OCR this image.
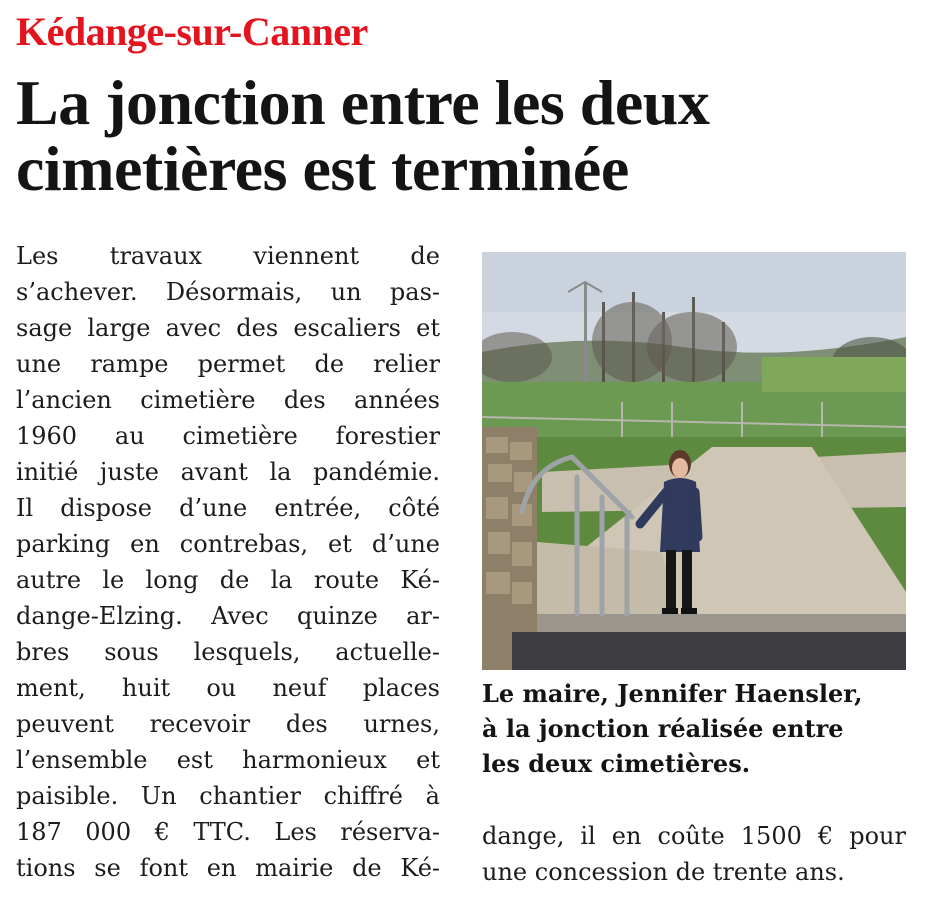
Kédange-sur-Canner
La jonction entre les deux
cimetières est terminée
Les travaux viennent de
s’achever. Désormais, un pas-
sage large avec des escaliers et
une rampe permet de relier
l’ancien cimetière des années
1960 au cimetière forestier
initié juste avant la pandémie.
Il dispose d’une entrée, côté
parking en contrebas, et d’une
autre le long de la route Ké-
dange-Elzing. Avec quinze ar-
bres sous lesquels, actuelle-
ment, huit ou neuf places
peuvent recevoir des urnes,
l’ensemble est harmonieux et
paisible. Un chantier chiffré à
187 000 € TTC. Les réserva-
tions se font en mairie de Ké-
Le maire, Jennifer Haensler,
à la jonction réalisée entre
les deux cimetières.
dange, il en coûte 1500 € pour
une concession de trente ans.
